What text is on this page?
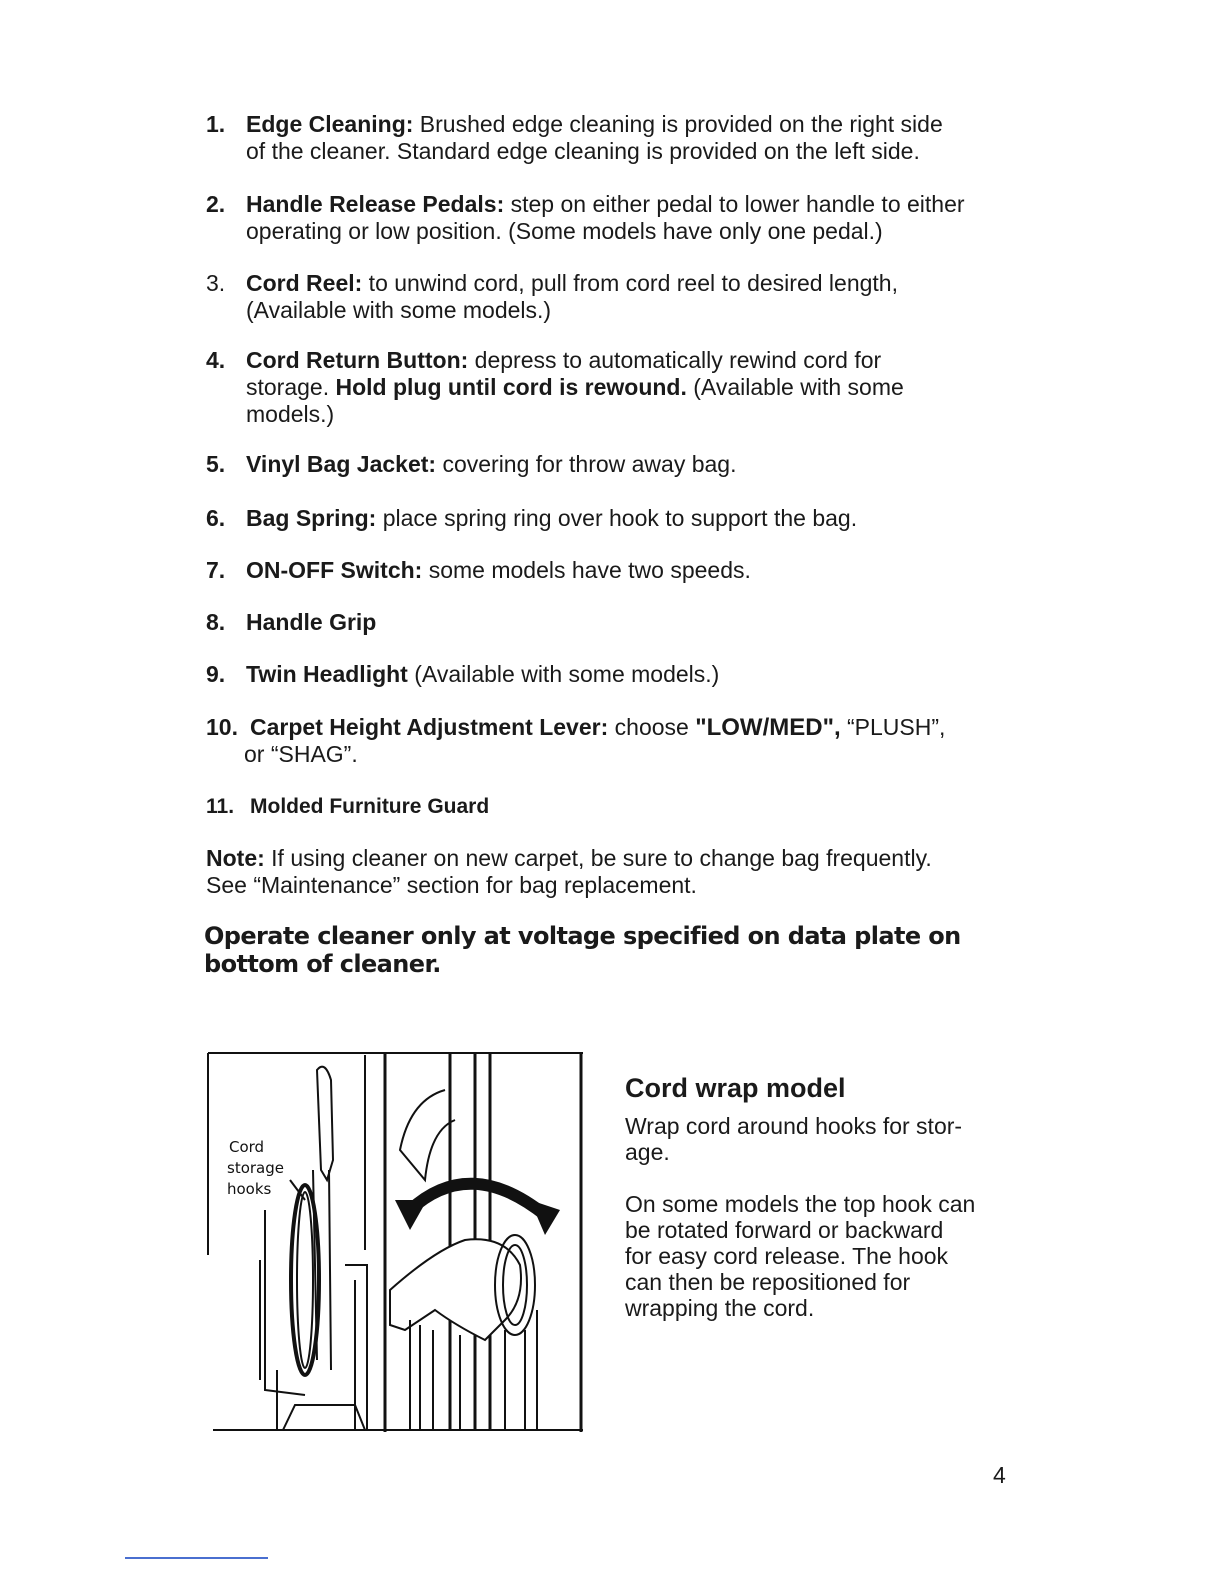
1. Edge Cleaning: Brushed edge cleaning is provided on the right side
of the cleaner. Standard edge cleaning is provided on the left side.
2. Handle Release Pedals: step on either pedal to lower handle to either
operating or low position. (Some models have only one pedal.)
3. Cord Reel: to unwind cord, pull from cord reel to desired length,
(Available with some models.)
4. Cord Return Button: depress to automatically rewind cord for
storage. Hold plug until cord is rewound. (Available with some
models.)
5. Vinyl Bag Jacket: covering for throw away bag.
6. Bag Spring: place spring ring over hook to support the bag.
7. ON-OFF Switch: some models have two speeds.
8. Handle Grip
9. Twin Headlight (Available with some models.)
10. Carpet Height Adjustment Lever: choose "LOW/MED", “PLUSH”,
or “SHAG”.
11. Molded Furniture Guard
Note: If using cleaner on new carpet, be sure to change bag frequently.
See “Maintenance” section for bag replacement.
Operate cleaner only at voltage specified on data plate on bottom of cleaner.
Cord
storage
hooks
Cord wrap model
Wrap cord around hooks for stor-
age.
On some models the top hook can
be rotated forward or backward
for easy cord release. The hook
can then be repositioned for
wrapping the cord.
4
